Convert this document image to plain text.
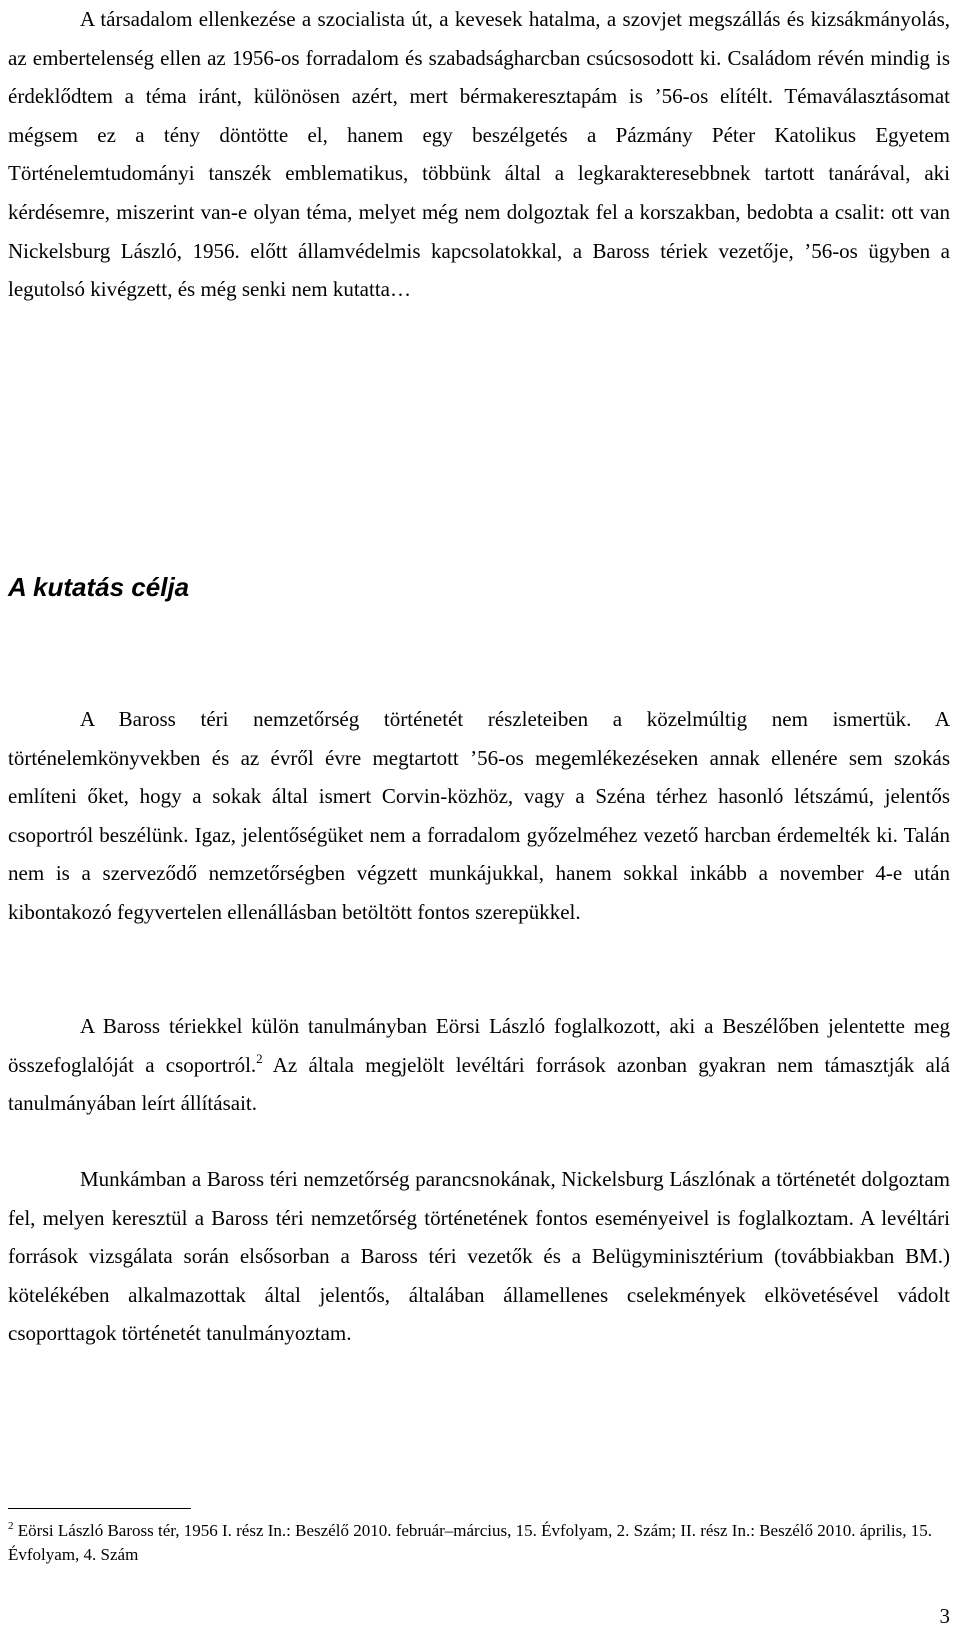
A társadalom ellenkezése a szocialista út, a kevesek hatalma, a szovjet megszállás és kizsákmányolás, az embertelenség ellen az 1956-os forradalom és szabadságharcban csúcsosodott ki. Családom révén mindig is érdeklődtem a téma iránt, különösen azért, mert bérmakeresztapám is ’56-os elítélt. Témaválasztásomat mégsem ez a tény döntötte el, hanem egy beszélgetés a Pázmány Péter Katolikus Egyetem Történelemtudományi tanszék emblematikus, többünk által a legkarakteresebbnek tartott tanárával, aki kérdésemre, miszerint van-e olyan téma, melyet még nem dolgoztak fel a korszakban, bedobta a csalit: ott van Nickelsburg László, 1956. előtt államvédelmis kapcsolatokkal, a Baross tériek vezetője, ’56-os ügyben a legutolsó kivégzett, és még senki nem kutatta…

A kutatás célja

A Baross téri nemzetőrség történetét részleteiben a közelmúltig nem ismertük. A történelemkönyvekben és az évről évre megtartott ’56-os megemlékezéseken annak ellenére sem szokás említeni őket, hogy a sokak által ismert Corvin-közhöz, vagy a Széna térhez hasonló létszámú, jelentős csoportról beszélünk. Igaz, jelentőségüket nem a forradalom győzelméhez vezető harcban érdemelték ki. Talán nem is a szerveződő nemzetőrségben végzett munkájukkal, hanem sokkal inkább a november 4-e után kibontakozó fegyvertelen ellenállásban betöltött fontos szerepükkel.

A Baross tériekkel külön tanulmányban Eörsi László foglalkozott, aki a Beszélőben jelentette meg összefoglalóját a csoportról.$^2$ Az általa megjelölt levéltári források azonban gyakran nem támasztják alá tanulmányában leírt állításait.

Munkámban a Baross téri nemzetőrség parancsnokának, Nickelsburg Lászlónak a történetét dolgoztam fel, melyen keresztül a Baross téri nemzetőrség történetének fontos eseményeivel is foglalkoztam. A levéltári források vizsgálata során elsősorban a Baross téri vezetők és a Belügyminisztérium (továbbiakban BM.) kötelékében alkalmazottak által jelentős, általában államellenes cselekmények elkövetésével vádolt csoporttagok történetét tanulmányoztam.

$^2$ Eörsi László Baross tér, 1956 I. rész In.: Beszélő 2010. február–március, 15. Évfolyam, 2. Szám; II. rész In.: Beszélő 2010. április, 15. Évfolyam, 4. Szám

3
